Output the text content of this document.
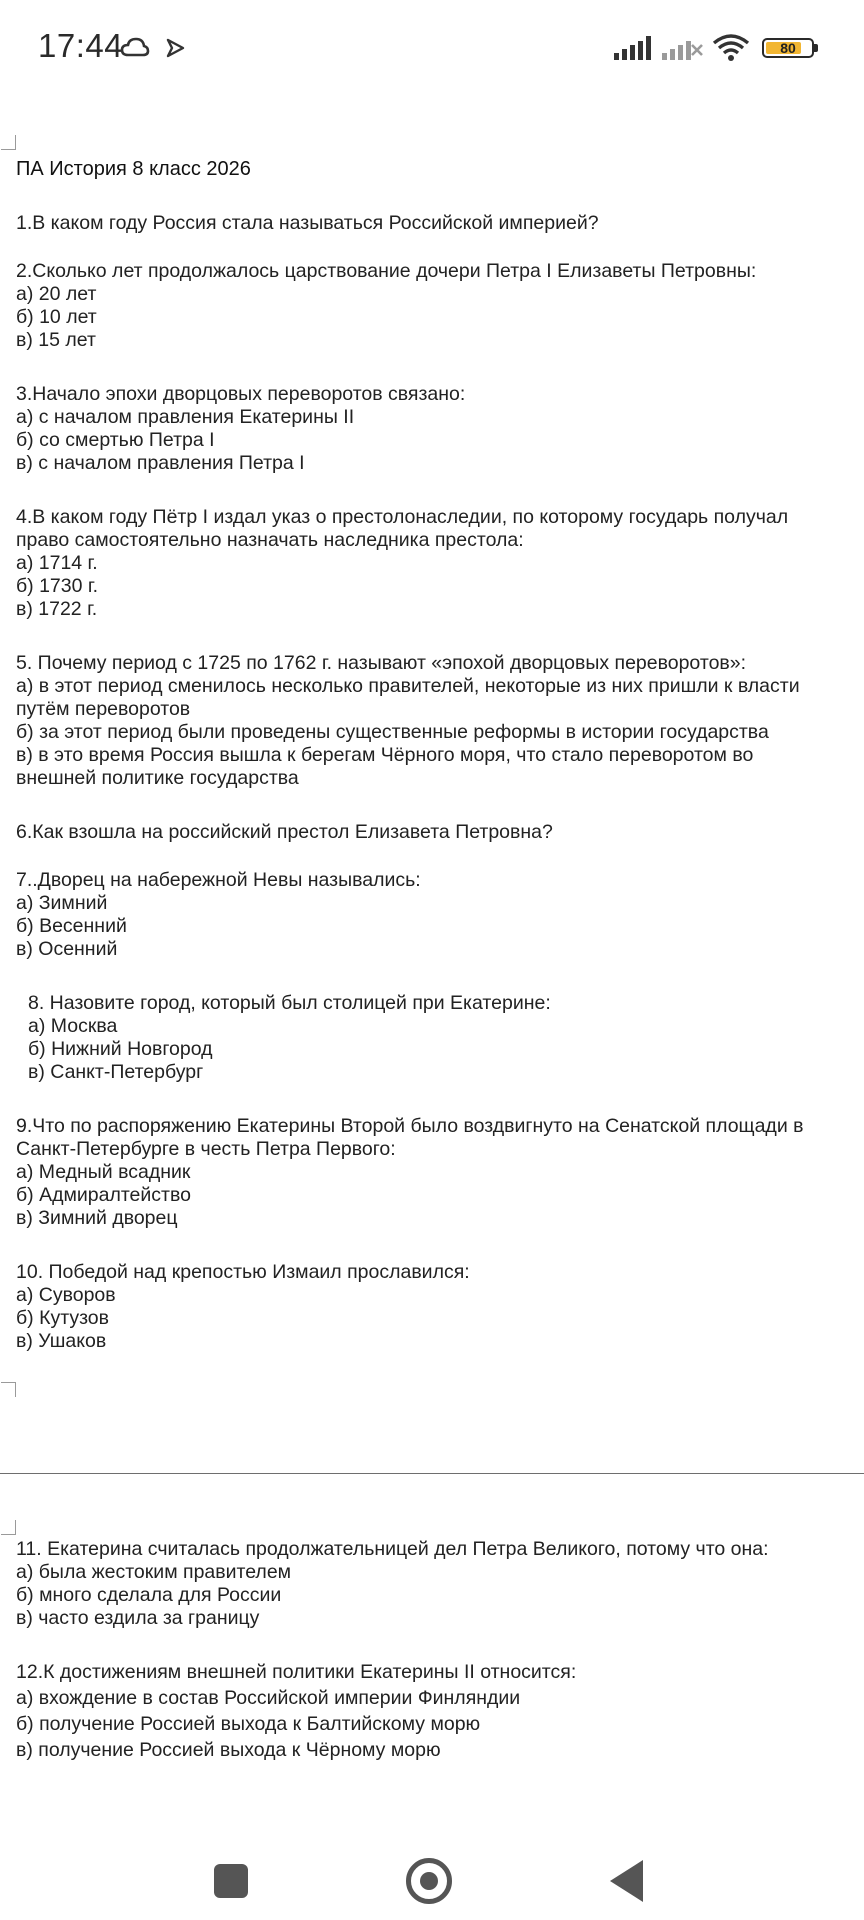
17:44	80
ПА История 8 класс 2026
1.В каком году Россия стала называться Российской империей?
2.Сколько лет продолжалось царствование дочери Петра I Елизаветы Петровны:
а) 20 лет
б) 10 лет
в) 15 лет
3.Начало эпохи дворцовых переворотов связано:
а) с началом правления Екатерины II
б) со смертью Петра I
в) с началом правления Петра I
4.В каком году Пётр I издал указ о престолонаследии, по которому государь получал
право самостоятельно назначать наследника престола:
а) 1714 г.
б) 1730 г.
в) 1722 г.
5. Почему период с 1725 по 1762 г. называют «эпохой дворцовых переворотов»:
а) в этот период сменилось несколько правителей, некоторые из них пришли к власти
путём переворотов
б) за этот период были проведены существенные реформы в истории государства
в) в это время Россия вышла к берегам Чёрного моря, что стало переворотом во
внешней политике государства
6.Как взошла на российский престол Елизавета Петровна?
7..Дворец на набережной Невы назывались:
а) Зимний
б) Весенний
в) Осенний
8. Назовите город, который был столицей при Екатерине:
а) Москва
б) Нижний Новгород
в) Санкт-Петербург
9.Что по распоряжению Екатерины Второй было воздвигнуто на Сенатской площади в
Санкт-Петербурге в честь Петра Первого:
а) Медный всадник
б) Адмиралтейство
в) Зимний дворец
10. Победой над крепостью Измаил прославился:
а) Суворов
б) Кутузов
в) Ушаков
11. Екатерина считалась продолжательницей дел Петра Великого, потому что она:
а) была жестоким правителем
б) много сделала для России
в) часто ездила за границу
12.К достижениям внешней политики Екатерины II относится:
а) вхождение в состав Российской империи Финляндии
б) получение Россией выхода к Балтийскому морю
в) получение Россией выхода к Чёрному морю
